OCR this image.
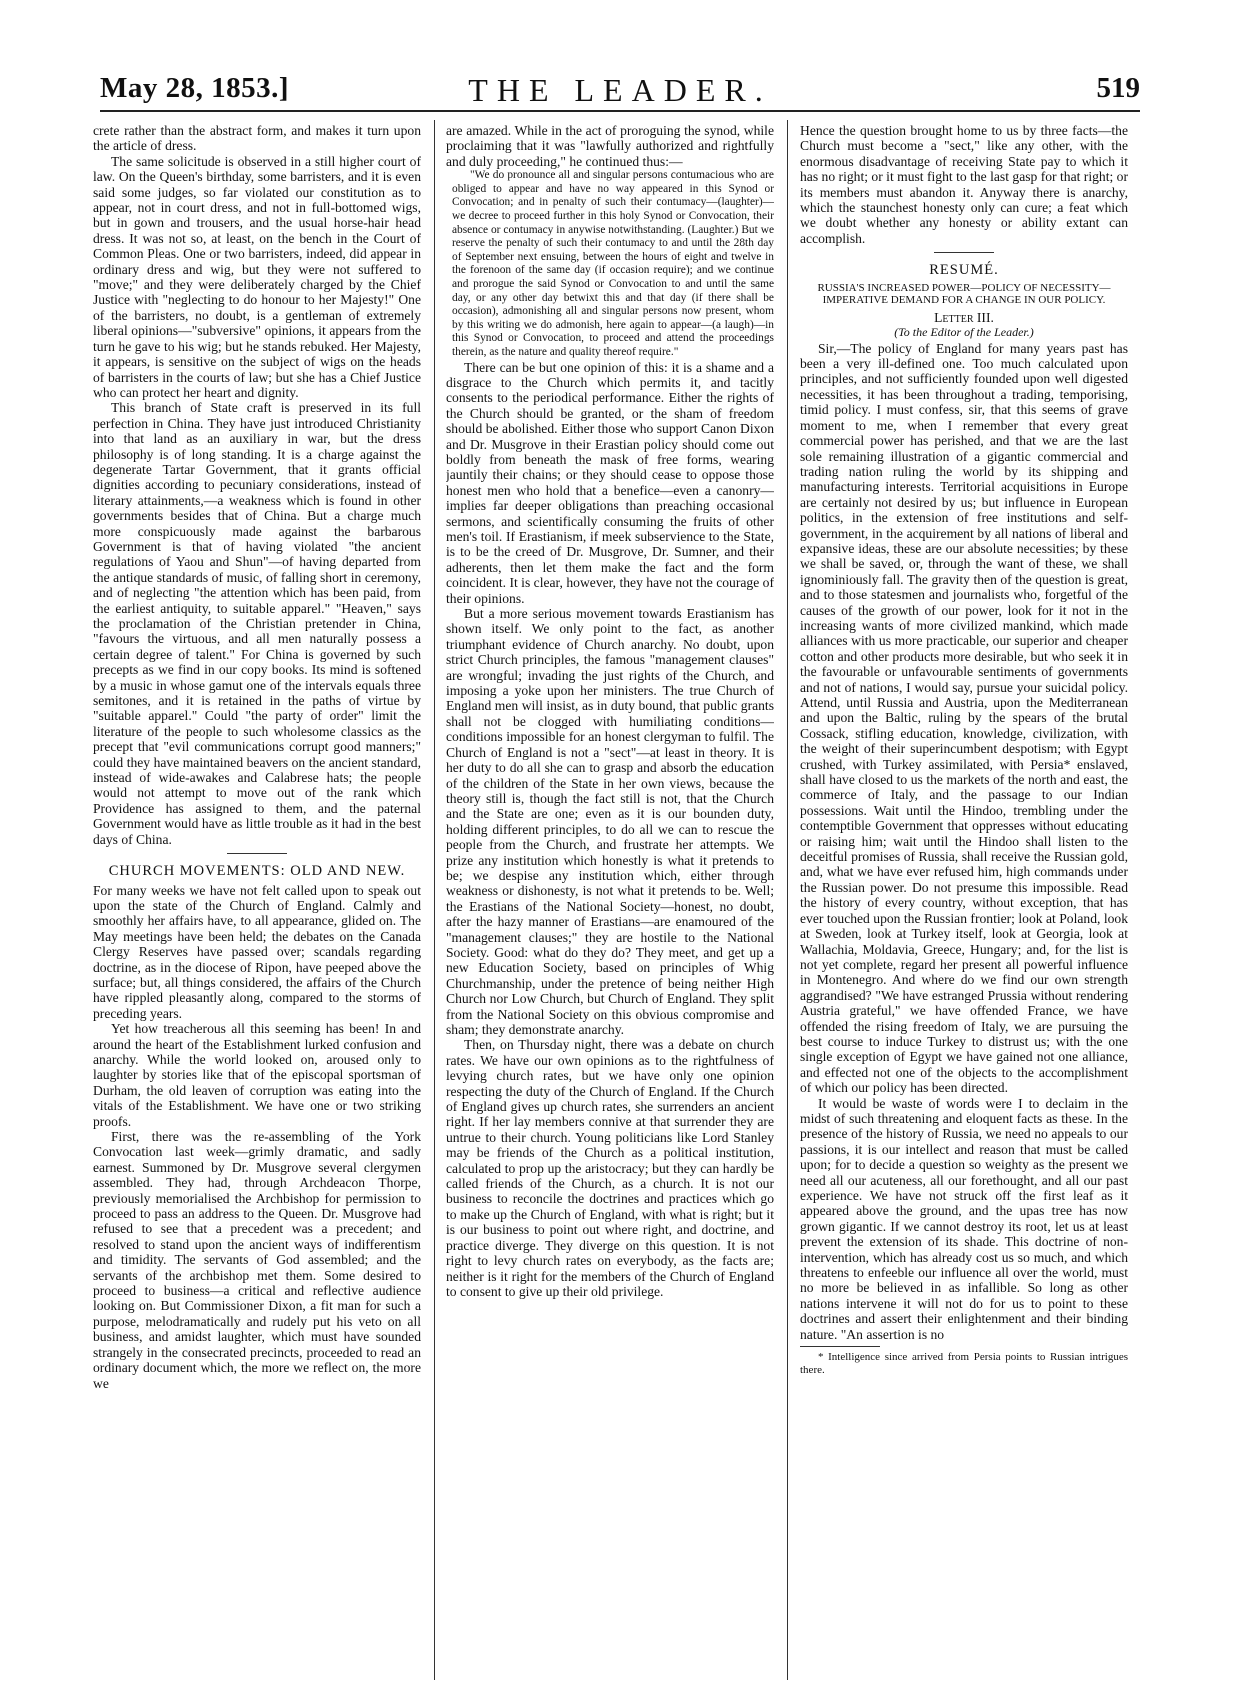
May 28, 1853.]	THE LEADER.	519

crete rather than the abstract form, and makes it turn upon the article of dress.

The same solicitude is observed in a still higher court of law. On the Queen's birthday, some barristers, and it is even said some judges, so far violated our constitution as to appear, not in court dress, and not in full-bottomed wigs, but in gown and trousers, and the usual horse-hair head dress. It was not so, at least, on the bench in the Court of Common Pleas. One or two barristers, indeed, did appear in ordinary dress and wig, but they were not suffered to "move;" and they were deliberately charged by the Chief Justice with "neglecting to do honour to her Majesty!" One of the barristers, no doubt, is a gentleman of extremely liberal opinions—"subversive" opinions, it appears from the turn he gave to his wig; but he stands rebuked. Her Majesty, it appears, is sensitive on the subject of wigs on the heads of barristers in the courts of law; but she has a Chief Justice who can protect her heart and dignity.

This branch of State craft is preserved in its full perfection in China. They have just introduced Christianity into that land as an auxiliary in war, but the dress philosophy is of long standing. It is a charge against the degenerate Tartar Government, that it grants official dignities according to pecuniary considerations, instead of literary attainments,—a weakness which is found in other governments besides that of China. But a charge much more conspicuously made against the barbarous Government is that of having violated "the ancient regulations of Yaou and Shun"—of having departed from the antique standards of music, of falling short in ceremony, and of neglecting "the attention which has been paid, from the earliest antiquity, to suitable apparel." "Heaven," says the proclamation of the Christian pretender in China, "favours the virtuous, and all men naturally possess a certain degree of talent." For China is governed by such precepts as we find in our copy books. Its mind is softened by a music in whose gamut one of the intervals equals three semitones, and it is retained in the paths of virtue by "suitable apparel." Could "the party of order" limit the literature of the people to such wholesome classics as the precept that "evil communications corrupt good manners;" could they have maintained beavers on the ancient standard, instead of wide-awakes and Calabrese hats; the people would not attempt to move out of the rank which Providence has assigned to them, and the paternal Government would have as little trouble as it had in the best days of China.

CHURCH MOVEMENTS: OLD AND NEW.

For many weeks we have not felt called upon to speak out upon the state of the Church of England. Calmly and smoothly her affairs have, to all appearance, glided on. The May meetings have been held; the debates on the Canada Clergy Reserves have passed over; scandals regarding doctrine, as in the diocese of Ripon, have peeped above the surface; but, all things considered, the affairs of the Church have rippled pleasantly along, compared to the storms of preceding years.

Yet how treacherous all this seeming has been! In and around the heart of the Establishment lurked confusion and anarchy. While the world looked on, aroused only to laughter by stories like that of the episcopal sportsman of Durham, the old leaven of corruption was eating into the vitals of the Establishment. We have one or two striking proofs.

First, there was the re-assembling of the York Convocation last week—grimly dramatic, and sadly earnest. Summoned by Dr. Musgrove several clergymen assembled. They had, through Archdeacon Thorpe, previously memorialised the Archbishop for permission to proceed to pass an address to the Queen. Dr. Musgrove had refused to see that a precedent was a precedent; and resolved to stand upon the ancient ways of indifferentism and timidity. The servants of God assembled; and the servants of the archbishop met them. Some desired to proceed to business—a critical and reflective audience looking on. But Commissioner Dixon, a fit man for such a purpose, melodramatically and rudely put his veto on all business, and amidst laughter, which must have sounded strangely in the consecrated precincts, proceeded to read an ordinary document which, the more we reflect on, the more we

are amazed. While in the act of proroguing the synod, while proclaiming that it was "lawfully authorized and rightfully and duly proceeding," he continued thus:—

"We do pronounce all and singular persons contumacious who are obliged to appear and have no way appeared in this Synod or Convocation; and in penalty of such their contumacy—(laughter)—we decree to proceed further in this holy Synod or Convocation, their absence or contumacy in anywise notwithstanding. (Laughter.) But we reserve the penalty of such their contumacy to and until the 28th day of September next ensuing, between the hours of eight and twelve in the forenoon of the same day (if occasion require); and we continue and prorogue the said Synod or Convocation to and until the same day, or any other day betwixt this and that day (if there shall be occasion), admonishing all and singular persons now present, whom by this writing we do admonish, here again to appear—(a laugh)—in this Synod or Convocation, to proceed and attend the proceedings therein, as the nature and quality thereof require."

There can be but one opinion of this: it is a shame and a disgrace to the Church which permits it, and tacitly consents to the periodical performance. Either the rights of the Church should be granted, or the sham of freedom should be abolished. Either those who support Canon Dixon and Dr. Musgrove in their Erastian policy should come out boldly from beneath the mask of free forms, wearing jauntily their chains; or they should cease to oppose those honest men who hold that a benefice—even a canonry—implies far deeper obligations than preaching occasional sermons, and scientifically consuming the fruits of other men's toil. If Erastianism, if meek subservience to the State, is to be the creed of Dr. Musgrove, Dr. Sumner, and their adherents, then let them make the fact and the form coincident. It is clear, however, they have not the courage of their opinions.

But a more serious movement towards Erastianism has shown itself. We only point to the fact, as another triumphant evidence of Church anarchy. No doubt, upon strict Church principles, the famous "management clauses" are wrongful; invading the just rights of the Church, and imposing a yoke upon her ministers. The true Church of England men will insist, as in duty bound, that public grants shall not be clogged with humiliating conditions—conditions impossible for an honest clergyman to fulfil. The Church of England is not a "sect"—at least in theory. It is her duty to do all she can to grasp and absorb the education of the children of the State in her own views, because the theory still is, though the fact still is not, that the Church and the State are one; even as it is our bounden duty, holding different principles, to do all we can to rescue the people from the Church, and frustrate her attempts. We prize any institution which honestly is what it pretends to be; we despise any institution which, either through weakness or dishonesty, is not what it pretends to be. Well; the Erastians of the National Society—honest, no doubt, after the hazy manner of Erastians—are enamoured of the "management clauses;" they are hostile to the National Society. Good: what do they do? They meet, and get up a new Education Society, based on principles of Whig Churchmanship, under the pretence of being neither High Church nor Low Church, but Church of England. They split from the National Society on this obvious compromise and sham; they demonstrate anarchy.

Then, on Thursday night, there was a debate on church rates. We have our own opinions as to the rightfulness of levying church rates, but we have only one opinion respecting the duty of the Church of England. If the Church of England gives up church rates, she surrenders an ancient right. If her lay members connive at that surrender they are untrue to their church. Young politicians like Lord Stanley may be friends of the Church as a political institution, calculated to prop up the aristocracy; but they can hardly be called friends of the Church, as a church. It is not our business to reconcile the doctrines and practices which go to make up the Church of England, with what is right; but it is our business to point out where right, and doctrine, and practice diverge. They diverge on this question. It is not right to levy church rates on everybody, as the facts are; neither is it right for the members of the Church of England to consent to give up their old privilege.

Hence the question brought home to us by three facts—the Church must become a "sect," like any other, with the enormous disadvantage of receiving State pay to which it has no right; or it must fight to the last gasp for that right; or its members must abandon it. Anyway there is anarchy, which the staunchest honesty only can cure; a feat which we doubt whether any honesty or ability extant can accomplish.

RESUMÉ.

RUSSIA'S INCREASED POWER—POLICY OF NECESSITY—IMPERATIVE DEMAND FOR A CHANGE IN OUR POLICY.

Letter III.

(To the Editor of the Leader.)

Sir,—The policy of England for many years past has been a very ill-defined one. Too much calculated upon principles, and not sufficiently founded upon well digested necessities, it has been throughout a trading, temporising, timid policy. I must confess, sir, that this seems of grave moment to me, when I remember that every great commercial power has perished, and that we are the last sole remaining illustration of a gigantic commercial and trading nation ruling the world by its shipping and manufacturing interests. Territorial acquisitions in Europe are certainly not desired by us; but influence in European politics, in the extension of free institutions and self-government, in the acquirement by all nations of liberal and expansive ideas, these are our absolute necessities; by these we shall be saved, or, through the want of these, we shall ignominiously fall. The gravity then of the question is great, and to those statesmen and journalists who, forgetful of the causes of the growth of our power, look for it not in the increasing wants of more civilized mankind, which made alliances with us more practicable, our superior and cheaper cotton and other products more desirable, but who seek it in the favourable or unfavourable sentiments of governments and not of nations, I would say, pursue your suicidal policy. Attend, until Russia and Austria, upon the Mediterranean and upon the Baltic, ruling by the spears of the brutal Cossack, stifling education, knowledge, civilization, with the weight of their superincumbent despotism; with Egypt crushed, with Turkey assimilated, with Persia* enslaved, shall have closed to us the markets of the north and east, the commerce of Italy, and the passage to our Indian possessions. Wait until the Hindoo, trembling under the contemptible Government that oppresses without educating or raising him; wait until the Hindoo shall listen to the deceitful promises of Russia, shall receive the Russian gold, and, what we have ever refused him, high commands under the Russian power. Do not presume this impossible. Read the history of every country, without exception, that has ever touched upon the Russian frontier; look at Poland, look at Sweden, look at Turkey itself, look at Georgia, look at Wallachia, Moldavia, Greece, Hungary; and, for the list is not yet complete, regard her present all powerful influence in Montenegro. And where do we find our own strength aggrandised? "We have estranged Prussia without rendering Austria grateful," we have offended France, we have offended the rising freedom of Italy, we are pursuing the best course to induce Turkey to distrust us; with the one single exception of Egypt we have gained not one alliance, and effected not one of the objects to the accomplishment of which our policy has been directed.

It would be waste of words were I to declaim in the midst of such threatening and eloquent facts as these. In the presence of the history of Russia, we need no appeals to our passions, it is our intellect and reason that must be called upon; for to decide a question so weighty as the present we need all our acuteness, all our forethought, and all our past experience. We have not struck off the first leaf as it appeared above the ground, and the upas tree has now grown gigantic. If we cannot destroy its root, let us at least prevent the extension of its shade. This doctrine of non-intervention, which has already cost us so much, and which threatens to enfeeble our influence all over the world, must no more be believed in as infallible. So long as other nations intervene it will not do for us to point to these doctrines and assert their enlightenment and their binding nature. "An assertion is no

* Intelligence since arrived from Persia points to Russian intrigues there.
